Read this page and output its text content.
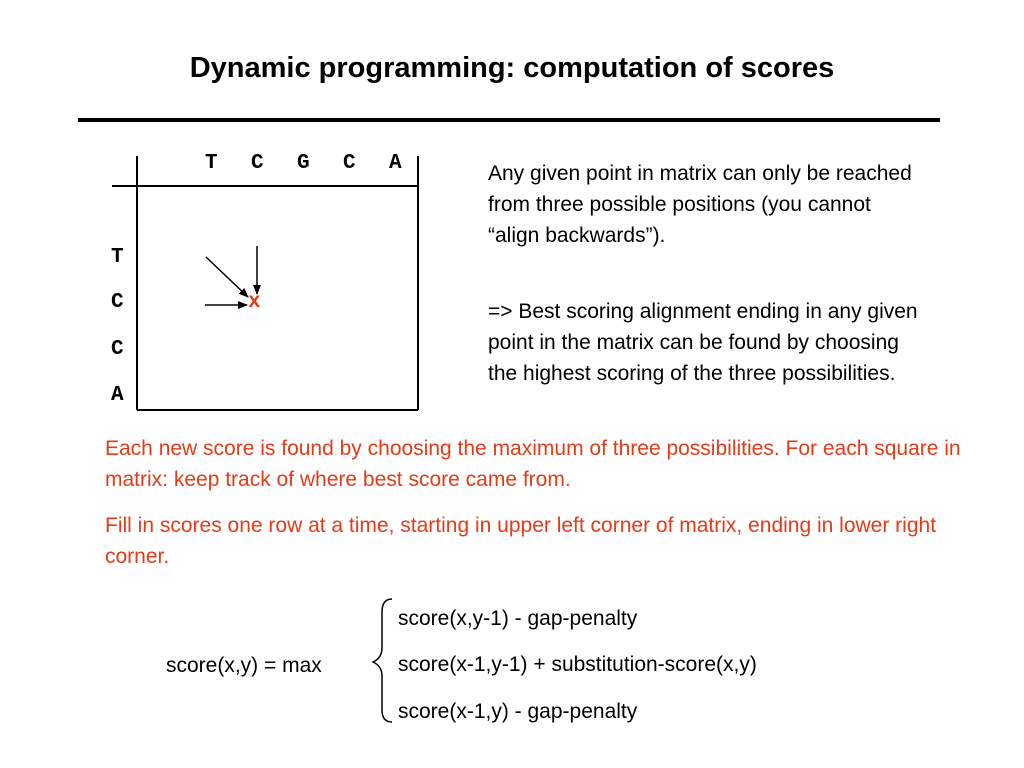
Dynamic programming: computation of scores
T C G C A
T
C
C
A
x
Any given point in matrix can only be reached from three possible positions (you cannot “align backwards”).
=> Best scoring alignment ending in any given point in the matrix can be found by choosing the highest scoring of the three possibilities.
Each new score is found by choosing the maximum of three possibilities. For each square in matrix: keep track of where best score came from.
Fill in scores one row at a time, starting in upper left corner of matrix, ending in lower right corner.
score(x,y) = max
score(x,y-1) - gap-penalty
score(x-1,y-1) + substitution-score(x,y)
score(x-1,y) - gap-penalty
